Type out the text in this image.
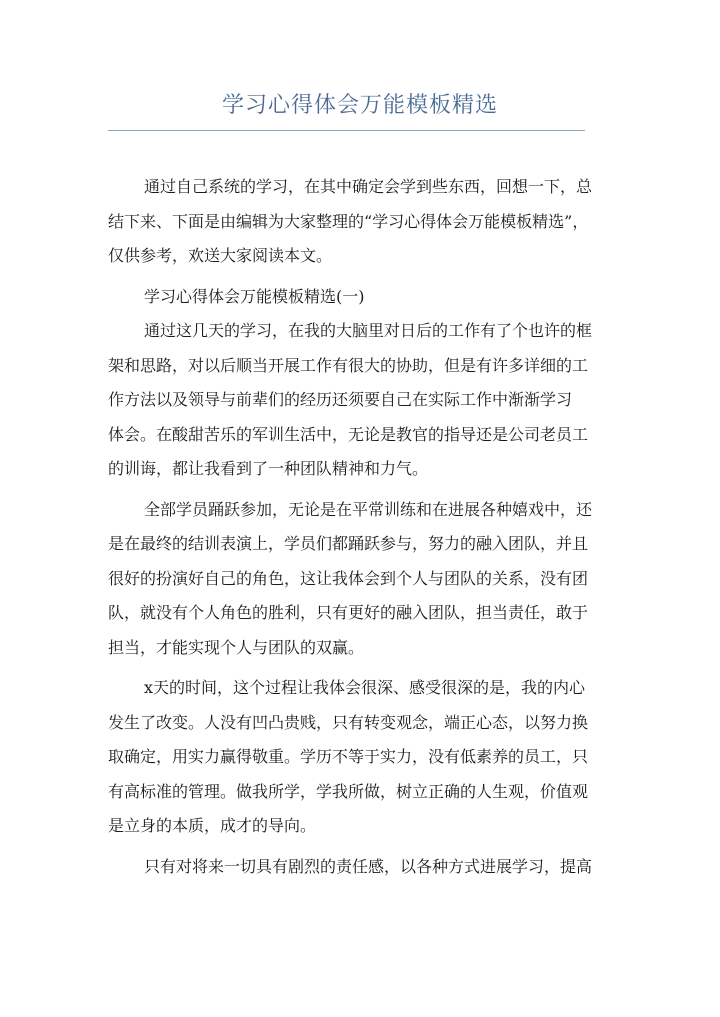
学习心得体会万能模板精选
通过自己系统的学习，在其中确定会学到些东西，回想一下，总
结下来、下面是由编辑为大家整理的“学习心得体会万能模板精选”，
仅供参考，欢送大家阅读本文。
学习心得体会万能模板精选(一)
通过这几天的学习，在我的大脑里对日后的工作有了个也许的框
架和思路，对以后顺当开展工作有很大的协助，但是有许多详细的工
作方法以及领导与前辈们的经历还须要自己在实际工作中渐渐学习
体会。在酸甜苦乐的军训生活中，无论是教官的指导还是公司老员工
的训诲，都让我看到了一种团队精神和力气。
全部学员踊跃参加，无论是在平常训练和在进展各种嬉戏中，还
是在最终的结训表演上，学员们都踊跃参与，努力的融入团队，并且
很好的扮演好自己的角色，这让我体会到个人与团队的关系，没有团
队，就没有个人角色的胜利，只有更好的融入团队，担当责任，敢于
担当，才能实现个人与团队的双赢。
x天的时间，这个过程让我体会很深、感受很深的是，我的内心
发生了改变。人没有凹凸贵贱，只有转变观念，端正心态，以努力换
取确定，用实力赢得敬重。学历不等于实力，没有低素养的员工，只
有高标准的管理。做我所学，学我所做，树立正确的人生观，价值观
是立身的本质，成才的导向。
只有对将来一切具有剧烈的责任感，以各种方式进展学习，提高
